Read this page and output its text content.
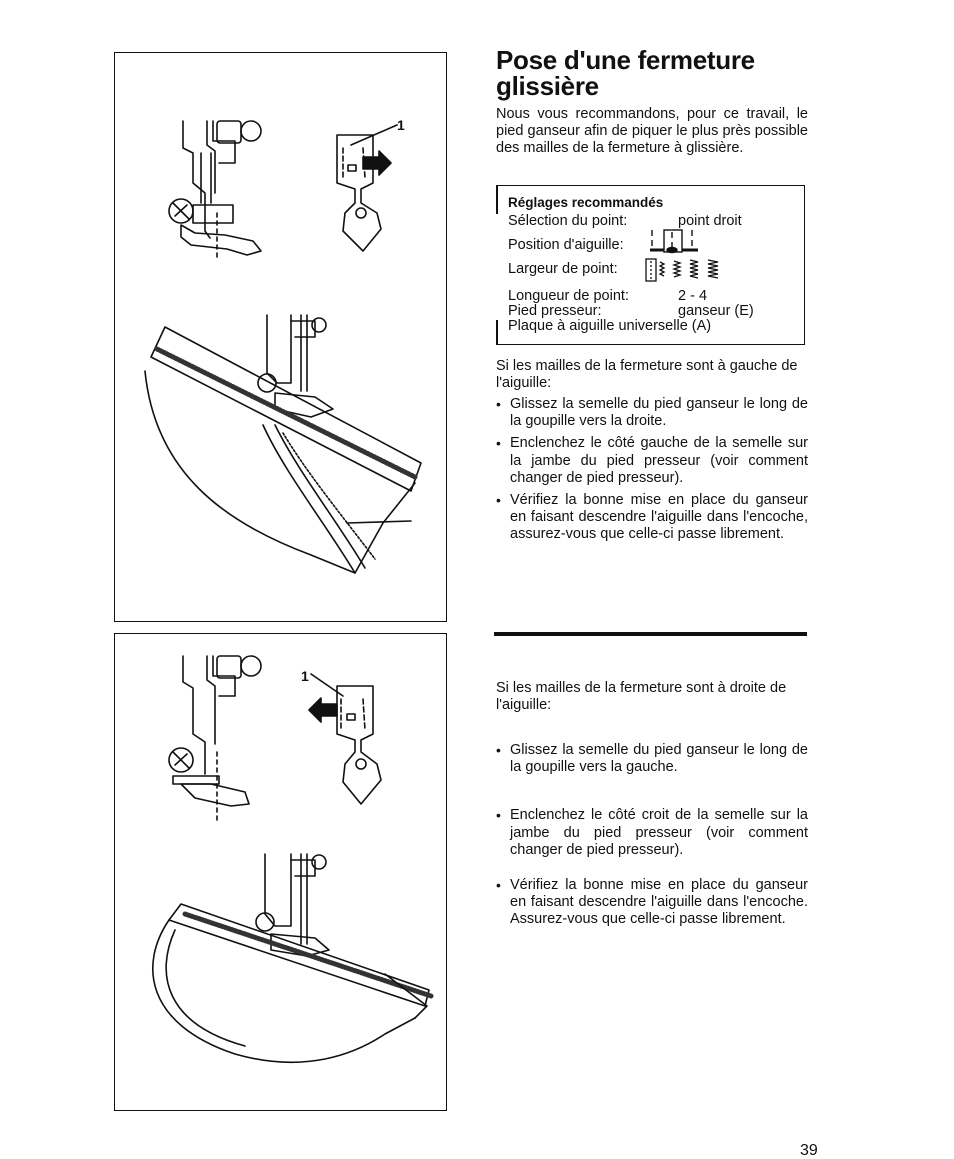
1
1
Pose d'une fermeture glissière
Nous vous recommandons, pour ce travail, le pied ganseur afin de piquer le plus près possible des mailles de la fermeture à glissière.
Réglages recommandés
Sélection du point:	point droit
Position d'aiguille:
Largeur de point:
Longueur de point:	2 - 4
Pied presseur:	ganseur (E)
Plaque à aiguille universelle (A)
Si les mailles de la fermeture sont à gauche de l'aiguille:
• Glissez la semelle du pied ganseur le long de la goupille vers la droite.
• Enclenchez le côté gauche de la semelle sur la jambe du pied presseur (voir comment changer de pied presseur).
• Vérifiez la bonne mise en place du ganseur en faisant descendre l'aiguille dans l'encoche, assurez-vous que celle-ci passe librement.
Si les mailles de la fermeture sont à droite de l'aiguille:
• Glissez la semelle du pied ganseur le long de la goupille vers la gauche.
• Enclenchez le côté croit de la semelle sur la jambe du pied presseur (voir comment changer de pied presseur).
• Vérifiez la bonne mise en place du ganseur en faisant descendre l'aiguille dans l'encoche. Assurez-vous que celle-ci passe librement.
39
